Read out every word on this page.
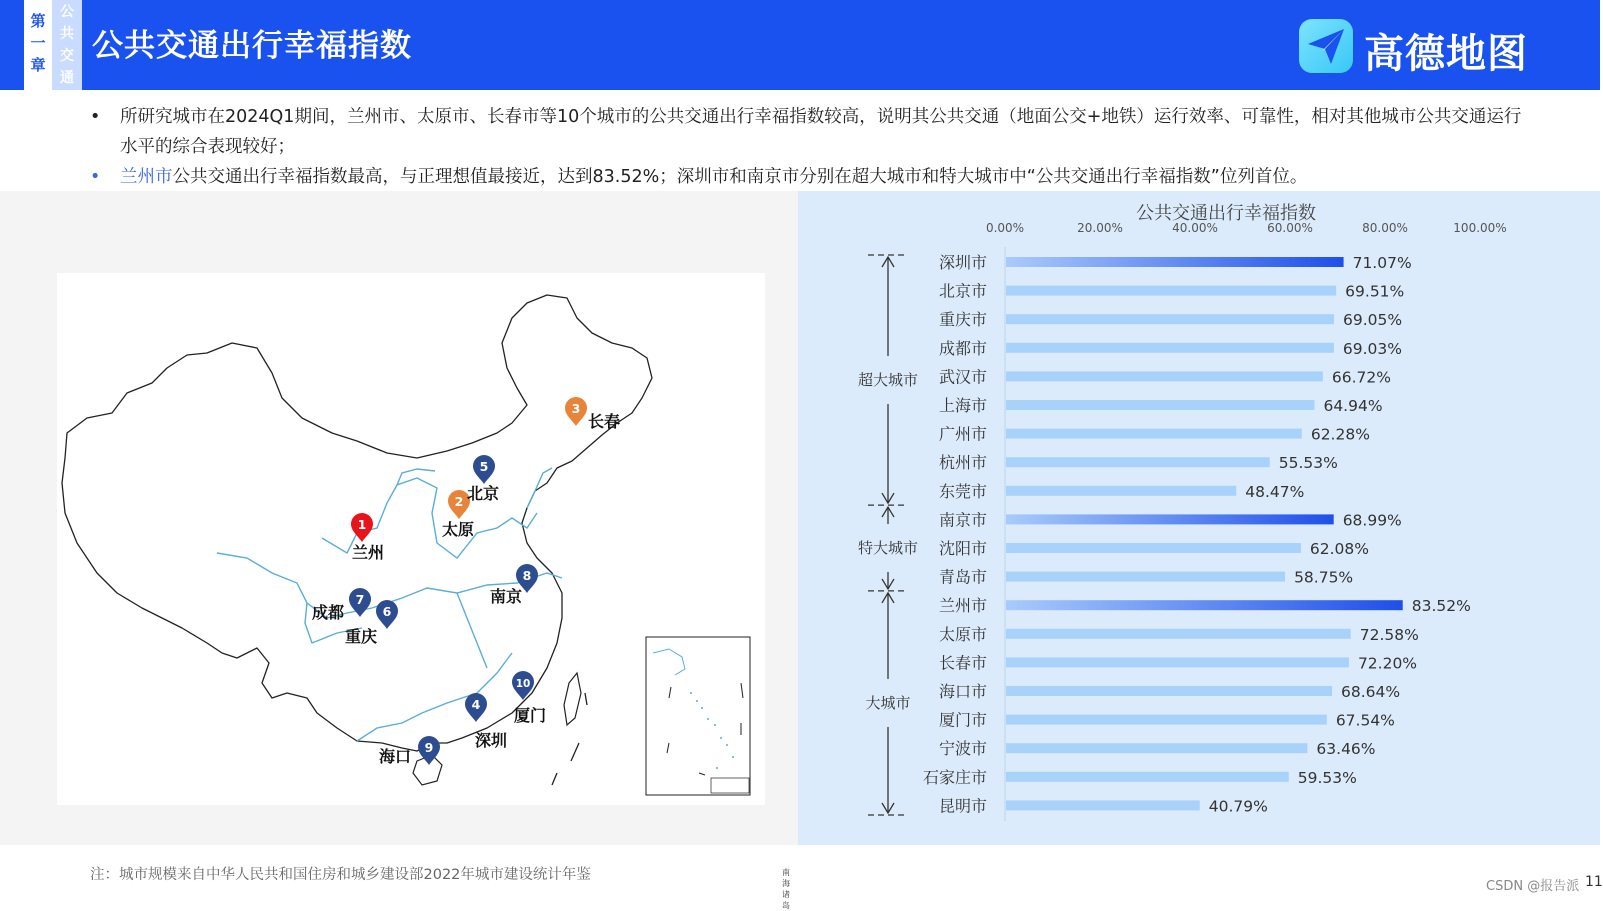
第
一
章
公
共
交
通
公共交通出行幸福指数	高德地图
• 所研究城市在2024Q1期间，兰州市、太原市、长春市等10个城市的公共交通出行幸福指数较高，说明其公共交通（地面公交+地铁）运行效率、可靠性，相对其他城市公共交通运行水平的综合表现较好；
• 兰州市公共交通出行幸福指数最高，与正理想值最接近，达到83.52%；深圳市和南京市分别在超大城市和特大城市中“公共交通出行幸福指数”位列首位。
1
兰州
2
太原
3
长春
4
深圳
5
北京
6
重庆
7
成都
8
南京
9
海口
10
厦门
南海诸岛
公共交通出行幸福指数
0.00%	20.00%	40.00%	60.00%	80.00%	100.00%
深圳市	71.07%
北京市	69.51%
重庆市	69.05%
成都市	69.03%
武汉市	66.72%
上海市	64.94%
广州市	62.28%
杭州市	55.53%
东莞市	48.47%
南京市	68.99%
沈阳市	62.08%
青岛市	58.75%
兰州市	83.52%
太原市	72.58%
长春市	72.20%
海口市	68.64%
厦门市	67.54%
宁波市	63.46%
石家庄市	59.53%
昆明市	40.79%
超大城市
特大城市
大城市
注：城市规模来自中华人民共和国住房和城乡建设部2022年城市建设统计年鉴
CSDN @报告派 11
